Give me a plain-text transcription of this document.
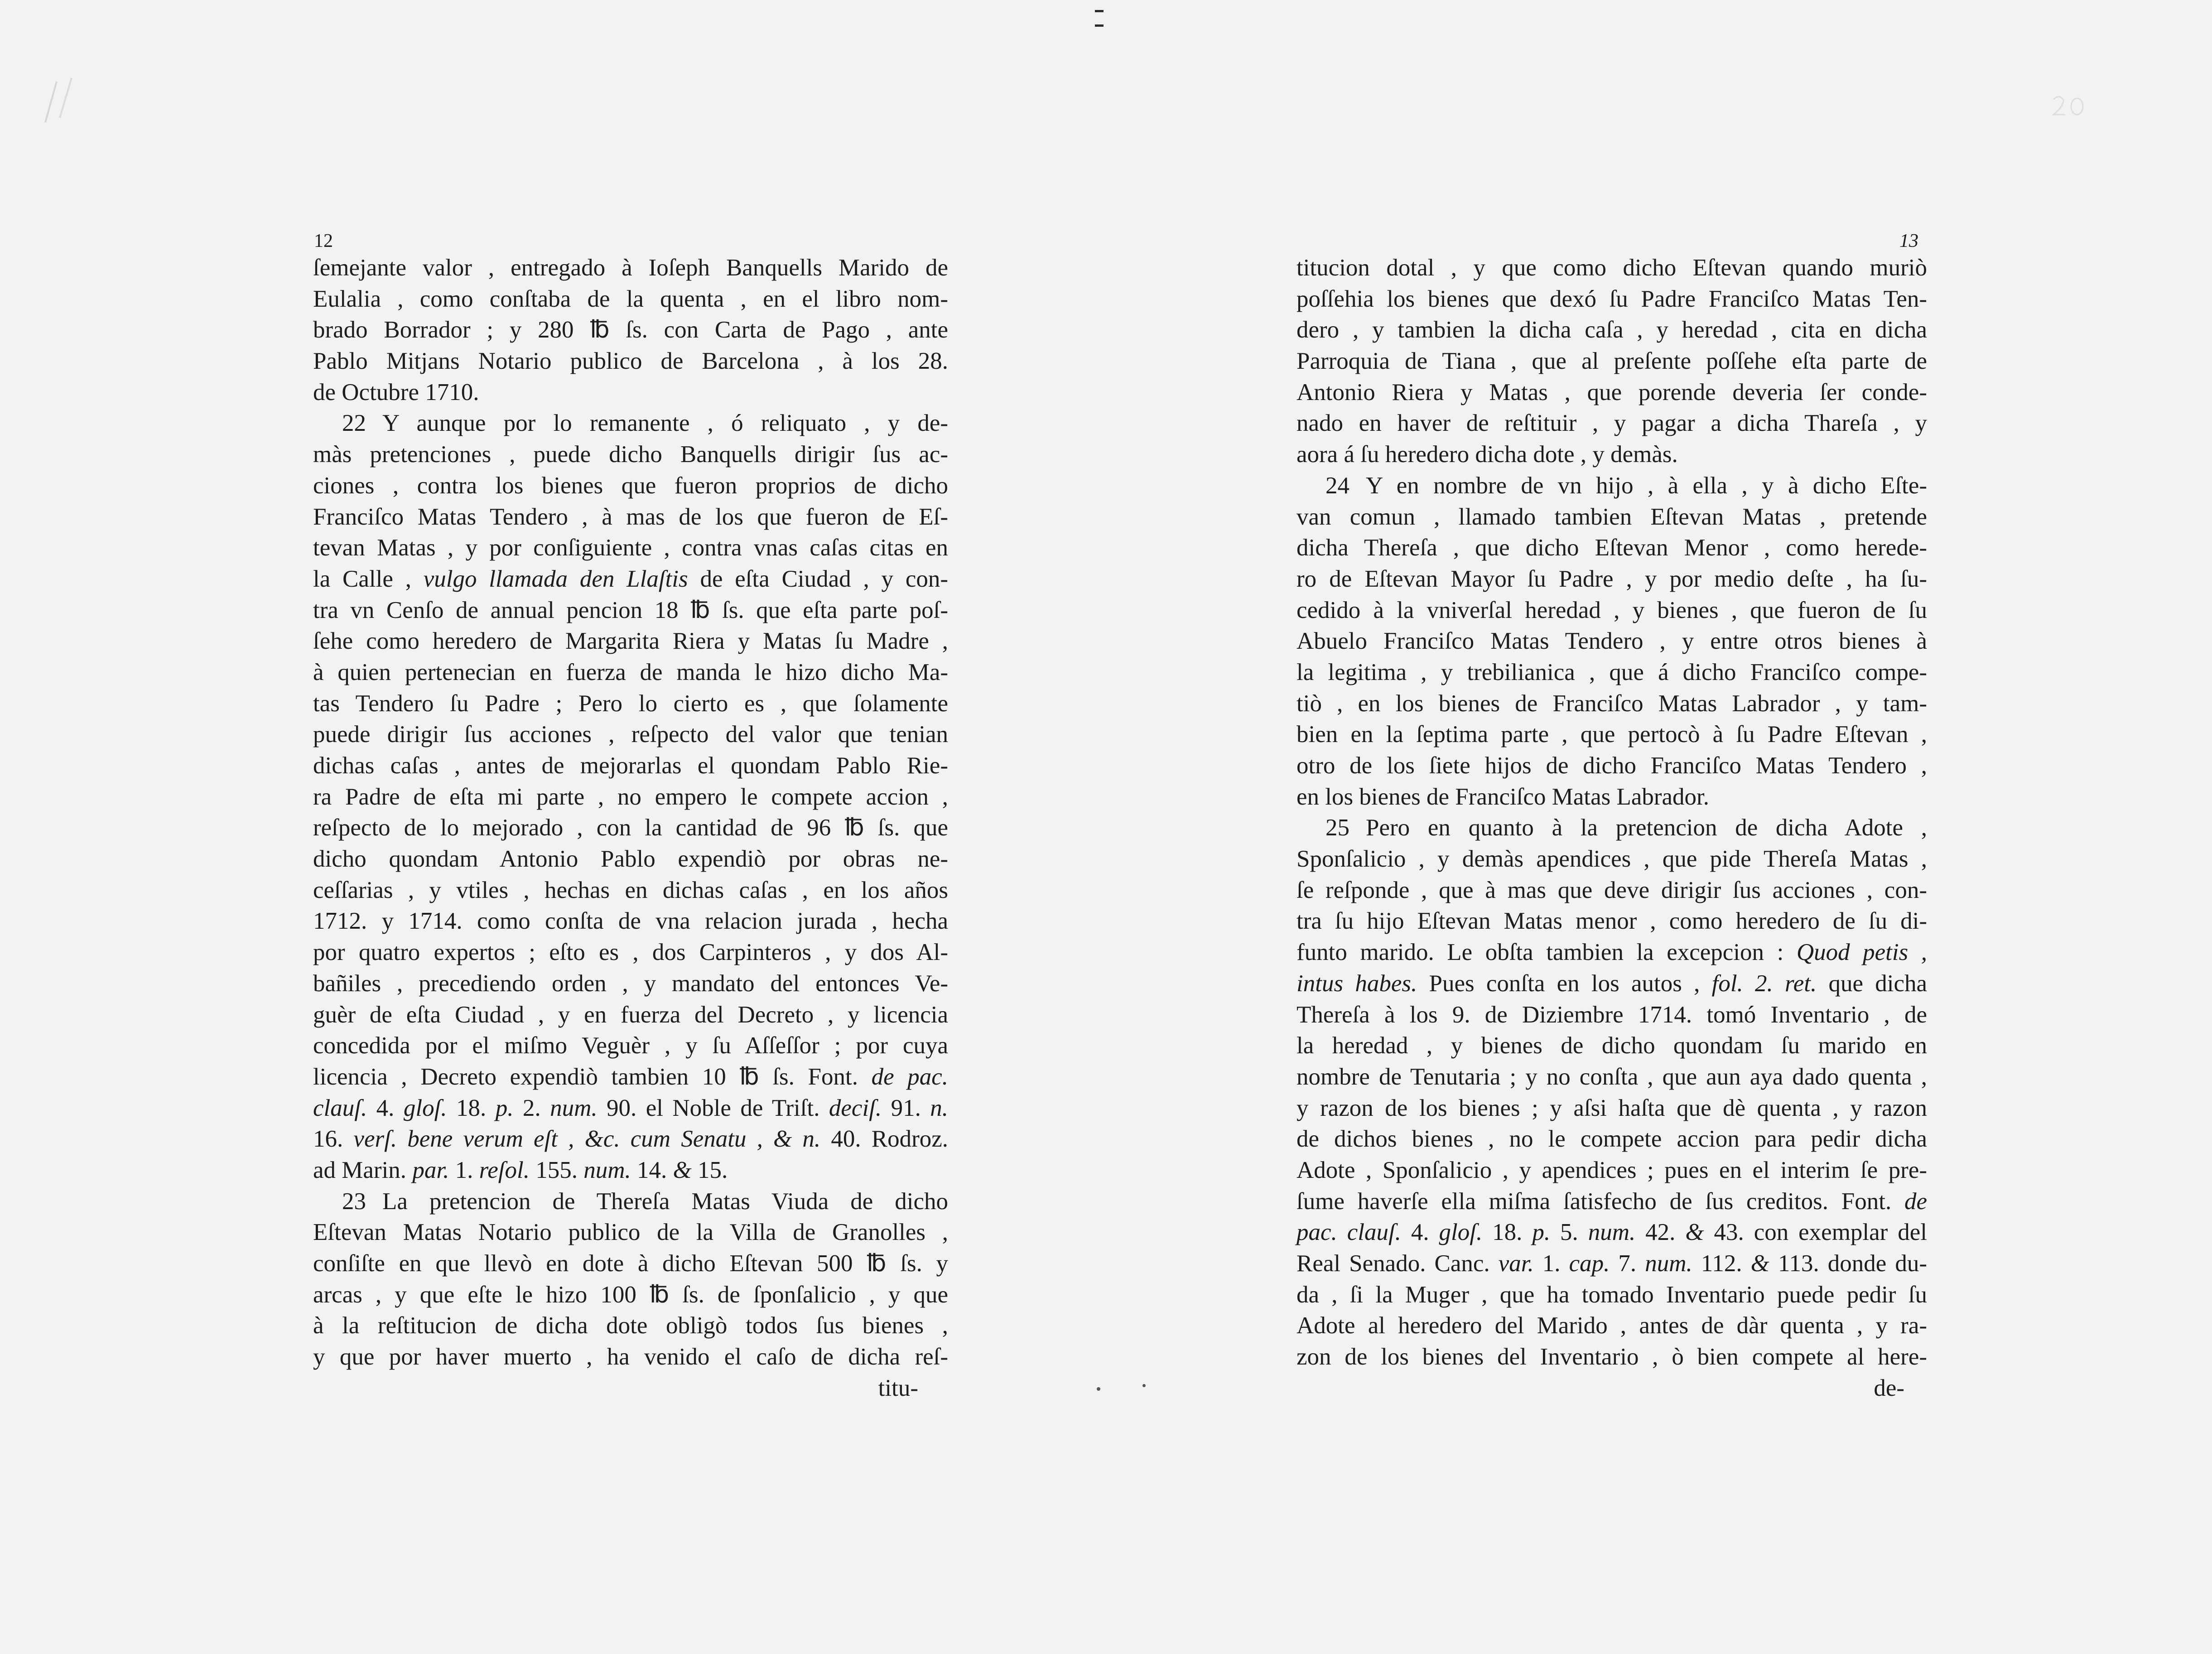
12
ſemejante valor , entregado à Ioſeph Banquells Marido de
Eulalia , como conſtaba de la quenta , en el libro nom-
brado Borrador ; y 280 ℔ ſs. con Carta de Pago , ante
Pablo Mitjans Notario publico de Barcelona , à los 28.
de Octubre 1710.
22 Y aunque por lo remanente , ó reliquato , y de-
màs pretenciones , puede dicho Banquells dirigir ſus ac-
ciones , contra los bienes que fueron proprios de dicho
Franciſco Matas Tendero , à mas de los que fueron de Eſ-
tevan Matas , y por conſiguiente , contra vnas caſas citas en
la Calle , vulgo llamada den Llaſtis de eſta Ciudad , y con-
tra vn Cenſo de annual pencion 18 ℔ ſs. que eſta parte poſ-
ſehe como heredero de Margarita Riera y Matas ſu Madre ,
à quien pertenecian en fuerza de manda le hizo dicho Ma-
tas Tendero ſu Padre ; Pero lo cierto es , que ſolamente
puede dirigir ſus acciones , reſpecto del valor que tenian
dichas caſas , antes de mejorarlas el quondam Pablo Rie-
ra Padre de eſta mi parte , no empero le compete accion ,
reſpecto de lo mejorado , con la cantidad de 96 ℔ ſs. que
dicho quondam Antonio Pablo expendiò por obras ne-
ceſſarias , y vtiles , hechas en dichas caſas , en los años
1712. y 1714. como conſta de vna relacion jurada , hecha
por quatro expertos ; eſto es , dos Carpinteros , y dos Al-
bañiles , precediendo orden , y mandato del entonces Ve-
guèr de eſta Ciudad , y en fuerza del Decreto , y licencia
concedida por el miſmo Veguèr , y ſu Aſſeſſor ; por cuya
licencia , Decreto expendiò tambien 10 ℔ ſs. Font. de pac.
clauſ. 4. gloſ. 18. p. 2. num. 90. el Noble de Triſt. deciſ. 91. n.
16. verſ. bene verum eſt , &c. cum Senatu , & n. 40. Rodroz.
ad Marin. par. 1. reſol. 155. num. 14. & 15.
23 La pretencion de Thereſa Matas Viuda de dicho
Eſtevan Matas Notario publico de la Villa de Granolles ,
conſiſte en que llevò en dote à dicho Eſtevan 500 ℔ ſs. y
arcas , y que eſte le hizo 100 ℔ ſs. de ſponſalicio , y que
à la reſtitucion de dicha dote obligò todos ſus bienes ,
y que por haver muerto , ha venido el caſo de dicha reſ-
titu-
13
titucion dotal , y que como dicho Eſtevan quando muriò
poſſehia los bienes que dexó ſu Padre Franciſco Matas Ten-
dero , y tambien la dicha caſa , y heredad , cita en dicha
Parroquia de Tiana , que al preſente poſſehe eſta parte de
Antonio Riera y Matas , que porende deveria ſer conde-
nado en haver de reſtituir , y pagar a dicha Thareſa , y
aora á ſu heredero dicha dote , y demàs.
24 Y en nombre de vn hijo , à ella , y à dicho Eſte-
van comun , llamado tambien Eſtevan Matas , pretende
dicha Thereſa , que dicho Eſtevan Menor , como herede-
ro de Eſtevan Mayor ſu Padre , y por medio deſte , ha ſu-
cedido à la vniverſal heredad , y bienes , que fueron de ſu
Abuelo Franciſco Matas Tendero , y entre otros bienes à
la legitima , y trebilianica , que á dicho Franciſco compe-
tiò , en los bienes de Franciſco Matas Labrador , y tam-
bien en la ſeptima parte , que pertocò à ſu Padre Eſtevan ,
otro de los ſiete hijos de dicho Franciſco Matas Tendero ,
en los bienes de Franciſco Matas Labrador.
25 Pero en quanto à la pretencion de dicha Adote ,
Sponſalicio , y demàs apendices , que pide Thereſa Matas ,
ſe reſponde , que à mas que deve dirigir ſus acciones , con-
tra ſu hijo Eſtevan Matas menor , como heredero de ſu di-
funto marido. Le obſta tambien la excepcion : Quod petis ,
intus habes. Pues conſta en los autos , fol. 2. ret. que dicha
Thereſa à los 9. de Diziembre 1714. tomó Inventario , de
la heredad , y bienes de dicho quondam ſu marido en
nombre de Tenutaria ; y no conſta , que aun aya dado quenta ,
y razon de los bienes ; y aſsi haſta que dè quenta , y razon
de dichos bienes , no le compete accion para pedir dicha
Adote , Sponſalicio , y apendices ; pues en el interim ſe pre-
ſume haverſe ella miſma ſatisfecho de ſus creditos. Font. de
pac. clauſ. 4. gloſ. 18. p. 5. num. 42. & 43. con exemplar del
Real Senado. Canc. var. 1. cap. 7. num. 112. & 113. donde du-
da , ſi la Muger , que ha tomado Inventario puede pedir ſu
Adote al heredero del Marido , antes de dàr quenta , y ra-
zon de los bienes del Inventario , ò bien compete al here-
de-
